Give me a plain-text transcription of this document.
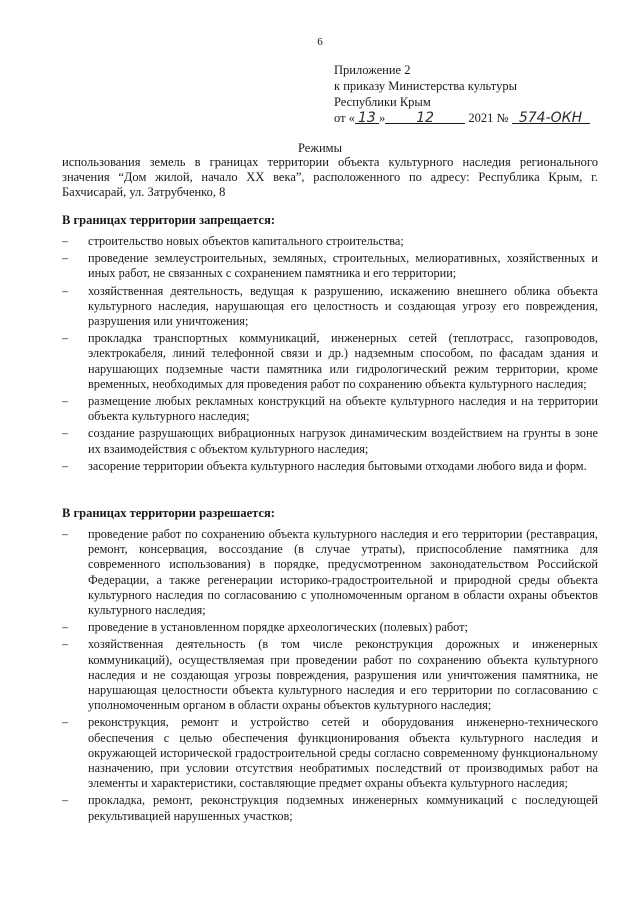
6
Приложение 2
к приказу Министерства культуры
Республики Крым
от « 13 » 12	2021 № 574-ОКН
Режимы
использования земель в границах территории объекта культурного наследия регионального значения “Дом жилой, начало ХХ века”, расположенного по адресу: Республика Крым, г. Бахчисарай, ул. Затрубченко, 8
В границах территории запрещается:
– строительство новых объектов капитального строительства;
– проведение землеустроительных, земляных, строительных, мелиоративных, хозяйственных и иных работ, не связанных с сохранением памятника и его территории;
– хозяйственная деятельность, ведущая к разрушению, искажению внешнего облика объекта культурного наследия, нарушающая его целостность и создающая угрозу его повреждения, разрушения или уничтожения;
– прокладка транспортных коммуникаций, инженерных сетей (теплотрасс, газопроводов, электрокабеля, линий телефонной связи и др.) надземным способом, по фасадам здания и нарушающих подземные части памятника или гидрологический режим территории, кроме временных, необходимых для проведения работ по сохранению объекта культурного наследия;
– размещение любых рекламных конструкций на объекте культурного наследия и на территории объекта культурного наследия;
– создание разрушающих вибрационных нагрузок динамическим воздействием на грунты в зоне их взаимодействия с объектом культурного наследия;
– засорение территории объекта культурного наследия бытовыми отходами любого вида и форм.
В границах территории разрешается:
– проведение работ по сохранению объекта культурного наследия и его территории (реставрация, ремонт, консервация, воссоздание (в случае утраты), приспособление памятника для современного использования) в порядке, предусмотренном законодательством Российской Федерации, а также регенерации историко-градостроительной и природной среды объекта культурного наследия по согласованию с уполномоченным органом в области охраны объектов культурного наследия;
– проведение в установленном порядке археологических (полевых) работ;
– хозяйственная деятельность (в том числе реконструкция дорожных и инженерных коммуникаций), осуществляемая при проведении работ по сохранению объекта культурного наследия и не создающая угрозы повреждения, разрушения или уничтожения памятника, не нарушающая целостности объекта культурного наследия и его территории по согласованию с уполномоченным органом в области охраны объектов культурного наследия;
– реконструкция, ремонт и устройство сетей и оборудования инженерно-технического обеспечения с целью обеспечения функционирования объекта культурного наследия и окружающей исторической градостроительной среды согласно современному функциональному назначению, при условии отсутствия необратимых последствий от производимых работ на элементы и характеристики, составляющие предмет охраны объекта культурного наследия;
– прокладка, ремонт, реконструкция подземных инженерных коммуникаций с последующей рекультивацией нарушенных участков;
